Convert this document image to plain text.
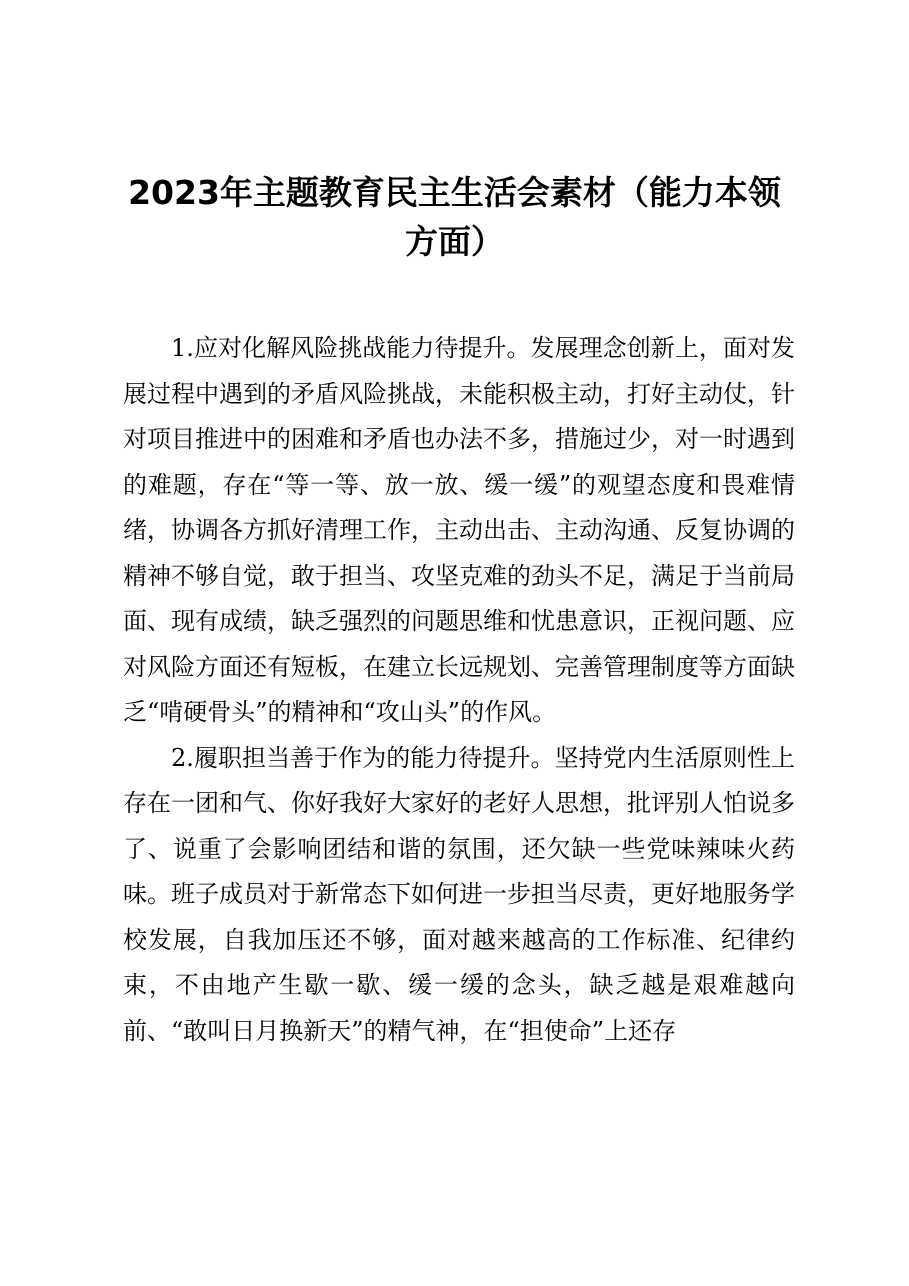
2023年主题教育民主生活会素材（能力本领方面）

1.应对化解风险挑战能力待提升。发展理念创新上，面对发展过程中遇到的矛盾风险挑战，未能积极主动，打好主动仗，针对项目推进中的困难和矛盾也办法不多，措施过少，对一时遇到的难题，存在“等一等、放一放、缓一缓”的观望态度和畏难情绪，协调各方抓好清理工作，主动出击、主动沟通、反复协调的精神不够自觉，敢于担当、攻坚克难的劲头不足，满足于当前局面、现有成绩，缺乏强烈的问题思维和忧患意识，正视问题、应对风险方面还有短板，在建立长远规划、完善管理制度等方面缺乏“啃硬骨头”的精神和“攻山头”的作风。

2.履职担当善于作为的能力待提升。坚持党内生活原则性上存在一团和气、你好我好大家好的老好人思想，批评别人怕说多了、说重了会影响团结和谐的氛围，还欠缺一些党味辣味火药味。班子成员对于新常态下如何进一步担当尽责，更好地服务学校发展，自我加压还不够，面对越来越高的工作标准、纪律约束，不由地产生歇一歇、缓一缓的念头，缺乏越是艰难越向前、“敢叫日月换新天”的精气神，在“担使命”上还存
